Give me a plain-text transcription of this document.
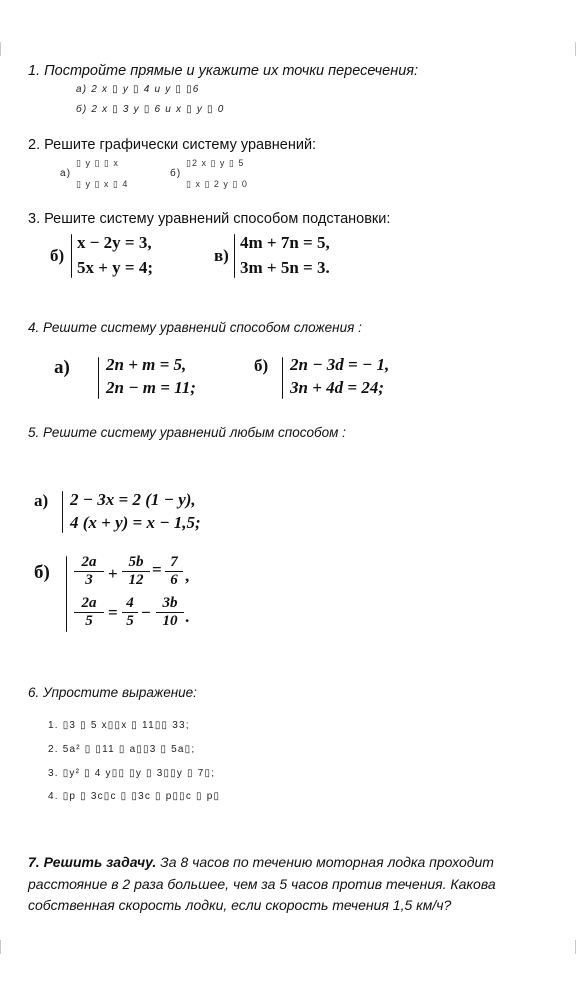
1. Постройте прямые и укажите их точки пересечения:
а) 2 x ▯ y ▯ 4 и y ▯ ▯6
б) 2 x ▯ 3 y ▯ 6 и x ▯ y ▯ 0
2. Решите графически систему уравнений:
а)
▯ y ▯ ▯ x
▯ y ▯ x ▯ 4
б)
▯2 x ▯ y ▯ 5
▯ x ▯ 2 y ▯ 0
3. Решите систему уравнений способом подстановки:
б)
x − 2y = 3,
5x + y = 4;
в)
4m + 7n = 5,
3m + 5n = 3.
4. Решите систему уравнений способом сложения :
а) 2n + m = 5,
2n − m = 11;
б) 2n − 3d = − 1,
3n + 4d = 24;
5. Решите систему уравнений любым способом :
а) 2 − 3x = 2 (1 − y),
4 (x + y) = x − 1,5;
б)	2a
3 +
5b
12
= 7
6 ,
2a
5 = 4
5 − 3b
10 .
6. Упростите выражение:
1. ▯3 ▯ 5 x▯▯x ▯ 11▯▯ 33;
2. 5a² ▯ ▯11 ▯ a▯▯3 ▯ 5a▯;
3. ▯y² ▯ 4 y▯▯ ▯y ▯ 3▯▯y ▯ 7▯;
4. ▯p ▯ 3c▯c ▯ ▯3c ▯ p▯▯c ▯ p▯
7. Решить задачу. За 8 часов по течению моторная лодка проходит расстояние в 2 раза большее, чем за 5 часов против течения. Какова собственная скорость лодки, если скорость течения 1,5 км/ч?
